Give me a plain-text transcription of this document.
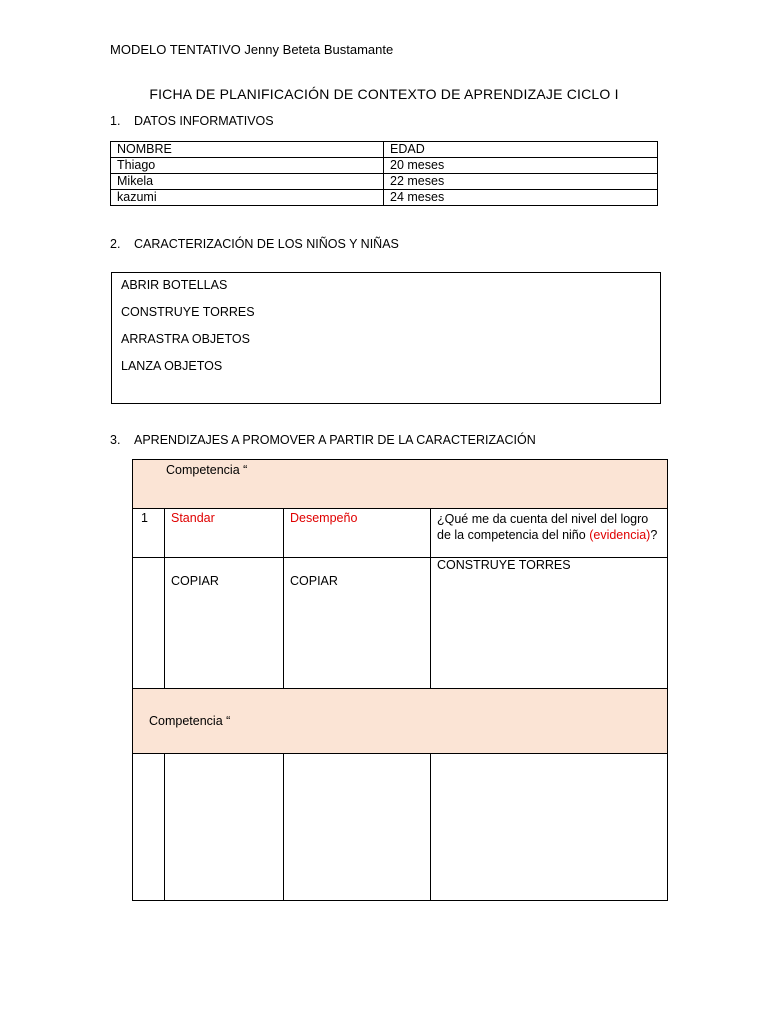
MODELO TENTATIVO Jenny Beteta Bustamante
FICHA DE PLANIFICACIÓN DE CONTEXTO DE APRENDIZAJE CICLO I
1. DATOS INFORMATIVOS
NOMBRE	EDAD
Thiago	20 meses
Mikela	22 meses
kazumi	24 meses
2. CARACTERIZACIÓN DE LOS NIÑOS Y NIÑAS
ABRIR BOTELLAS
CONSTRUYE TORRES
ARRASTRA OBJETOS
LANZA OBJETOS
3. APRENDIZAJES A PROMOVER A PARTIR DE LA CARACTERIZACIÓN
Competencia “			

1	Standar	Desempeño	¿Qué me da cuenta del nivel del logro de la competencia del niño (evidencia)?

	COPIAR	COPIAR	CONSTRUYE TORRES

Competencia “			
